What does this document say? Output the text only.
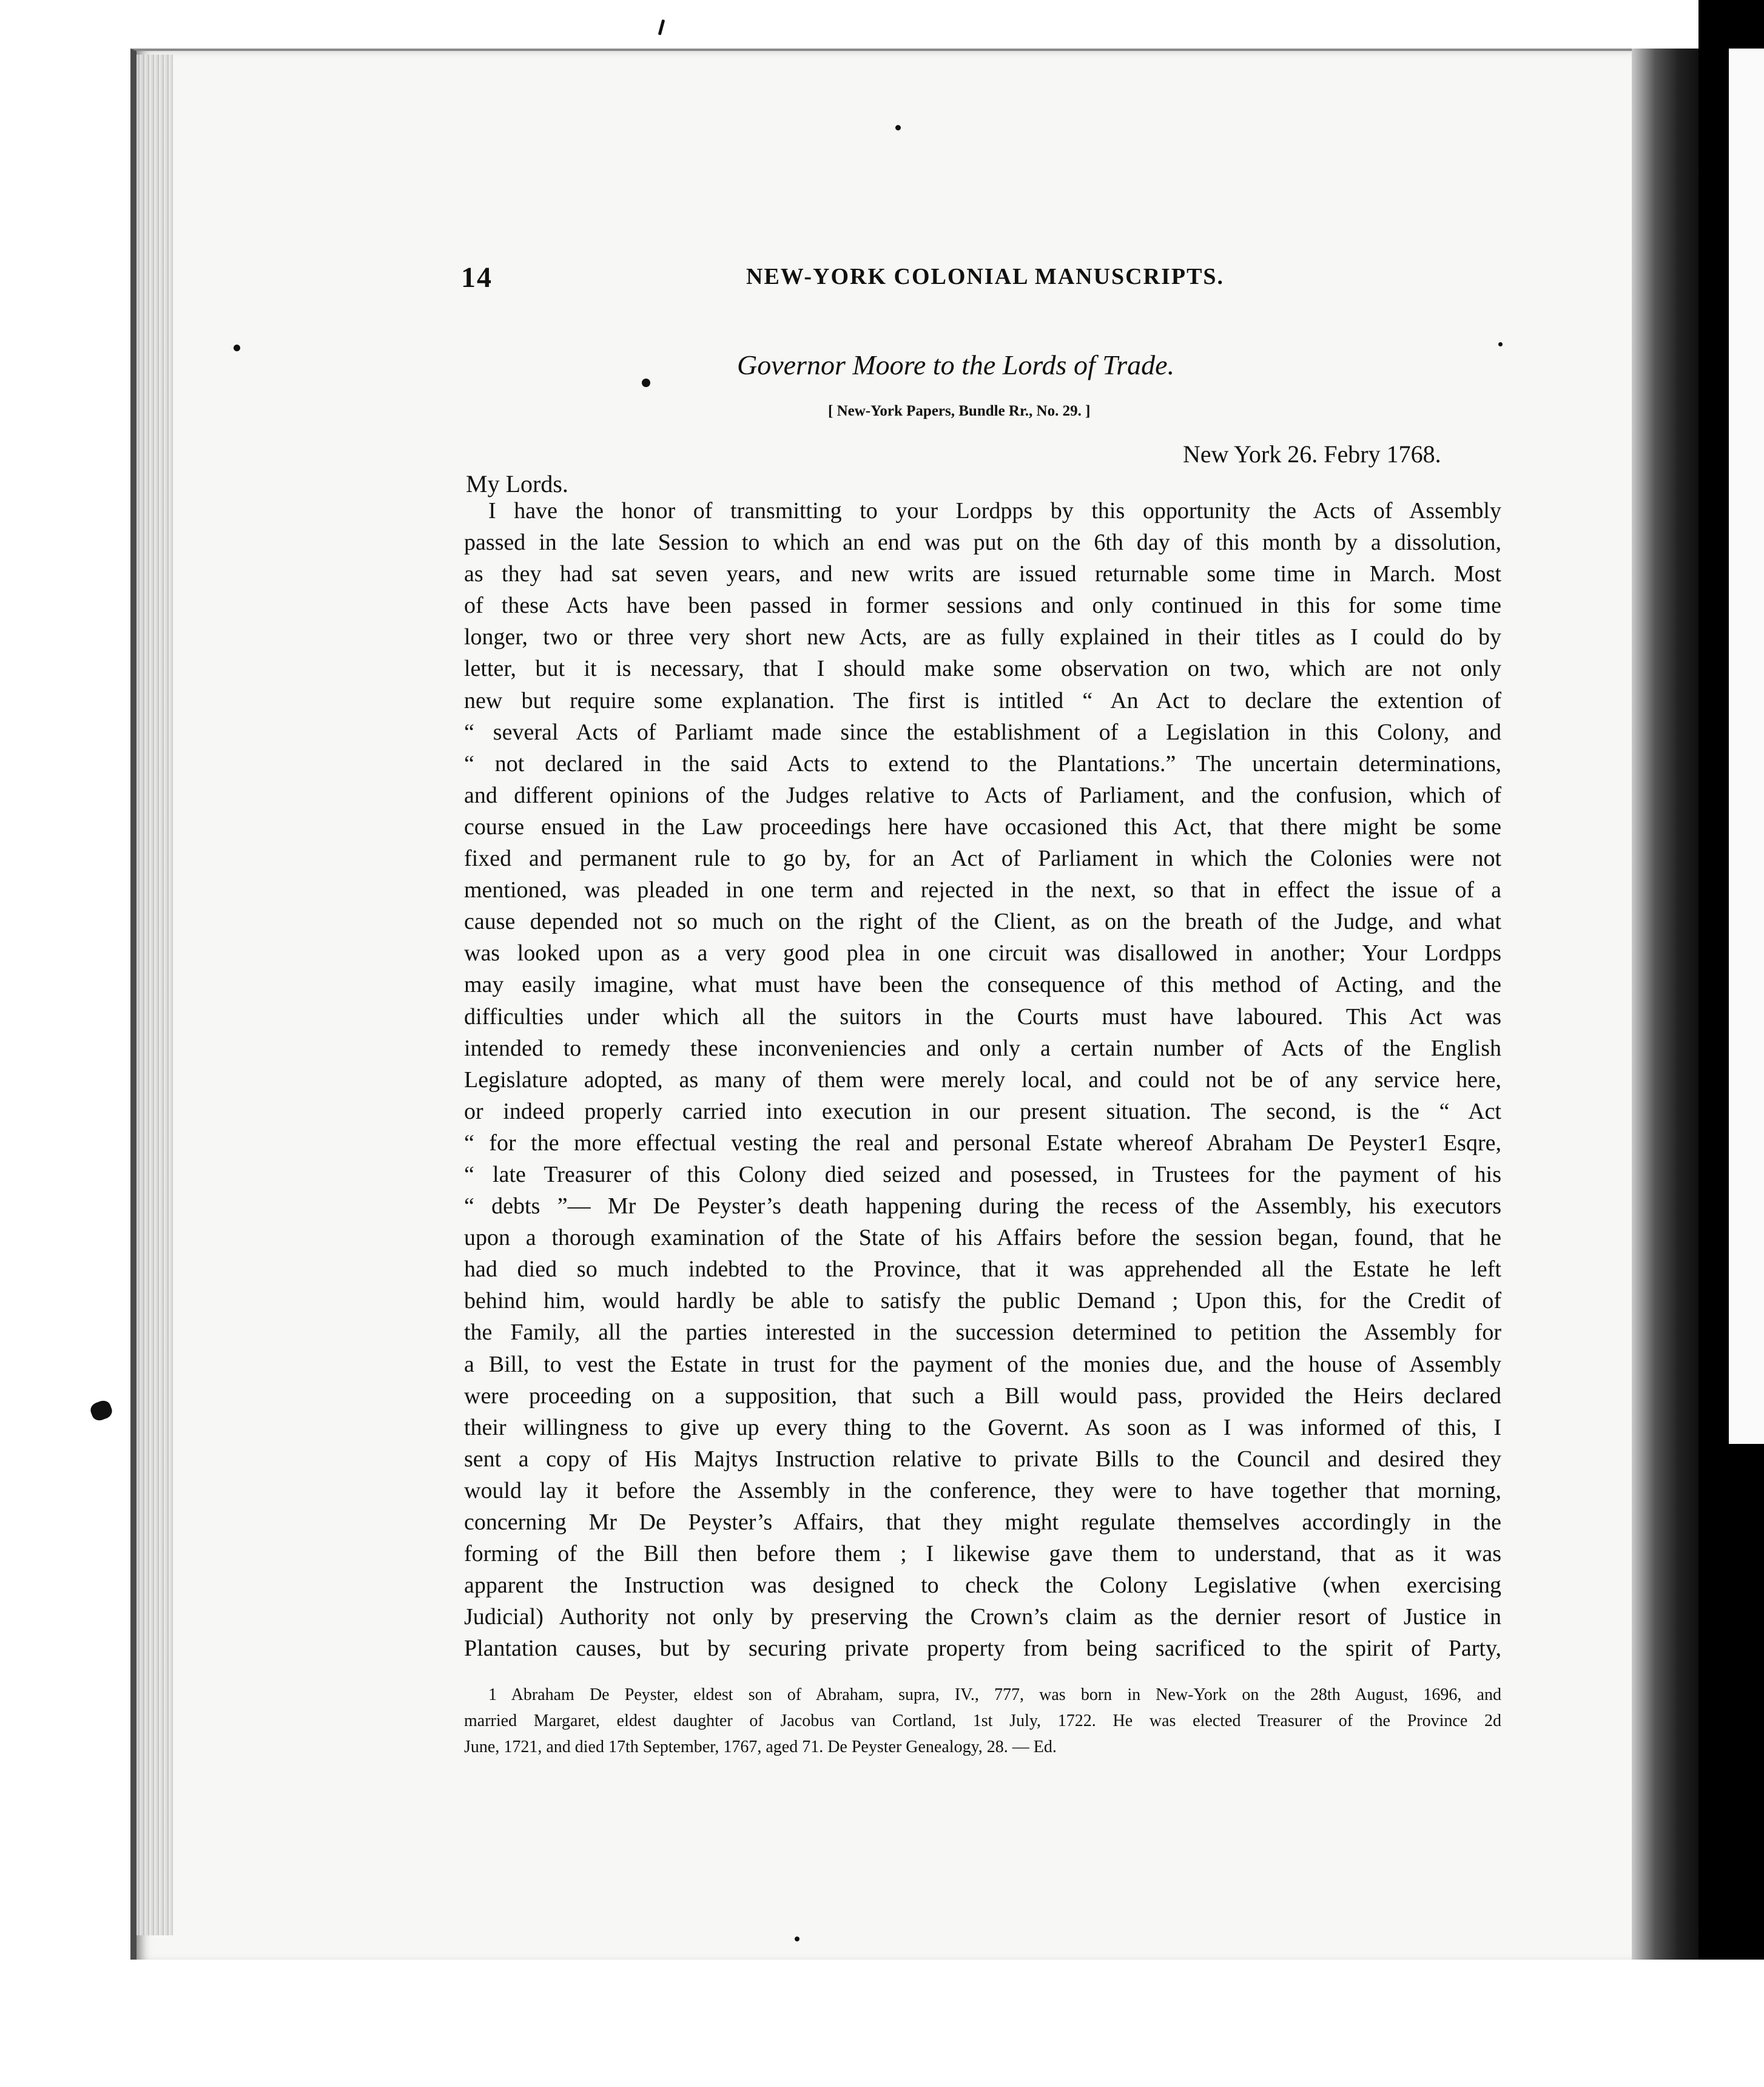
14	NEW-YORK COLONIAL MANUSCRIPTS.
Governor Moore to the Lords of Trade.
[ New-York Papers, Bundle Rr., No. 29. ]
New York 26. Febry 1768.
My Lords.
I have the honor of transmitting to your Lordpps by this opportunity the Acts of Assembly
passed in the late Session to which an end was put on the 6th day of this month by a dissolution,
as they had sat seven years, and new writs are issued returnable some time in March. Most
of these Acts have been passed in former sessions and only continued in this for some time
longer, two or three very short new Acts, are as fully explained in their titles as I could do by
letter, but it is necessary, that I should make some observation on two, which are not only
new but require some explanation. The first is intitled “ An Act to declare the extention of
“ several Acts of Parliamt made since the establishment of a Legislation in this Colony, and
“ not declared in the said Acts to extend to the Plantations.” The uncertain determinations,
and different opinions of the Judges relative to Acts of Parliament, and the confusion, which of
course ensued in the Law proceedings here have occasioned this Act, that there might be some
fixed and permanent rule to go by, for an Act of Parliament in which the Colonies were not
mentioned, was pleaded in one term and rejected in the next, so that in effect the issue of a
cause depended not so much on the right of the Client, as on the breath of the Judge, and what
was looked upon as a very good plea in one circuit was disallowed in another; Your Lordpps
may easily imagine, what must have been the consequence of this method of Acting, and the
difficulties under which all the suitors in the Courts must have laboured. This Act was
intended to remedy these inconveniencies and only a certain number of Acts of the English
Legislature adopted, as many of them were merely local, and could not be of any service here,
or indeed properly carried into execution in our present situation. The second, is the “ Act
“ for the more effectual vesting the real and personal Estate whereof Abraham De Peyster1 Esqre,
“ late Treasurer of this Colony died seized and posessed, in Trustees for the payment of his
“ debts ”— Mr De Peyster’s death happening during the recess of the Assembly, his executors
upon a thorough examination of the State of his Affairs before the session began, found, that he
had died so much indebted to the Province, that it was apprehended all the Estate he left
behind him, would hardly be able to satisfy the public Demand ; Upon this, for the Credit of
the Family, all the parties interested in the succession determined to petition the Assembly for
a Bill, to vest the Estate in trust for the payment of the monies due, and the house of Assembly
were proceeding on a supposition, that such a Bill would pass, provided the Heirs declared
their willingness to give up every thing to the Governt. As soon as I was informed of this, I
sent a copy of His Majtys Instruction relative to private Bills to the Council and desired they
would lay it before the Assembly in the conference, they were to have together that morning,
concerning Mr De Peyster’s Affairs, that they might regulate themselves accordingly in the
forming of the Bill then before them ; I likewise gave them to understand, that as it was
apparent the Instruction was designed to check the Colony Legislative (when exercising
Judicial) Authority not only by preserving the Crown’s claim as the dernier resort of Justice in
Plantation causes, but by securing private property from being sacrificed to the spirit of Party,
1 Abraham De Peyster, eldest son of Abraham, supra, IV., 777, was born in New-York on the 28th August, 1696, and
married Margaret, eldest daughter of Jacobus van Cortland, 1st July, 1722. He was elected Treasurer of the Province 2d
June, 1721, and died 17th September, 1767, aged 71. De Peyster Genealogy, 28. — Ed.
